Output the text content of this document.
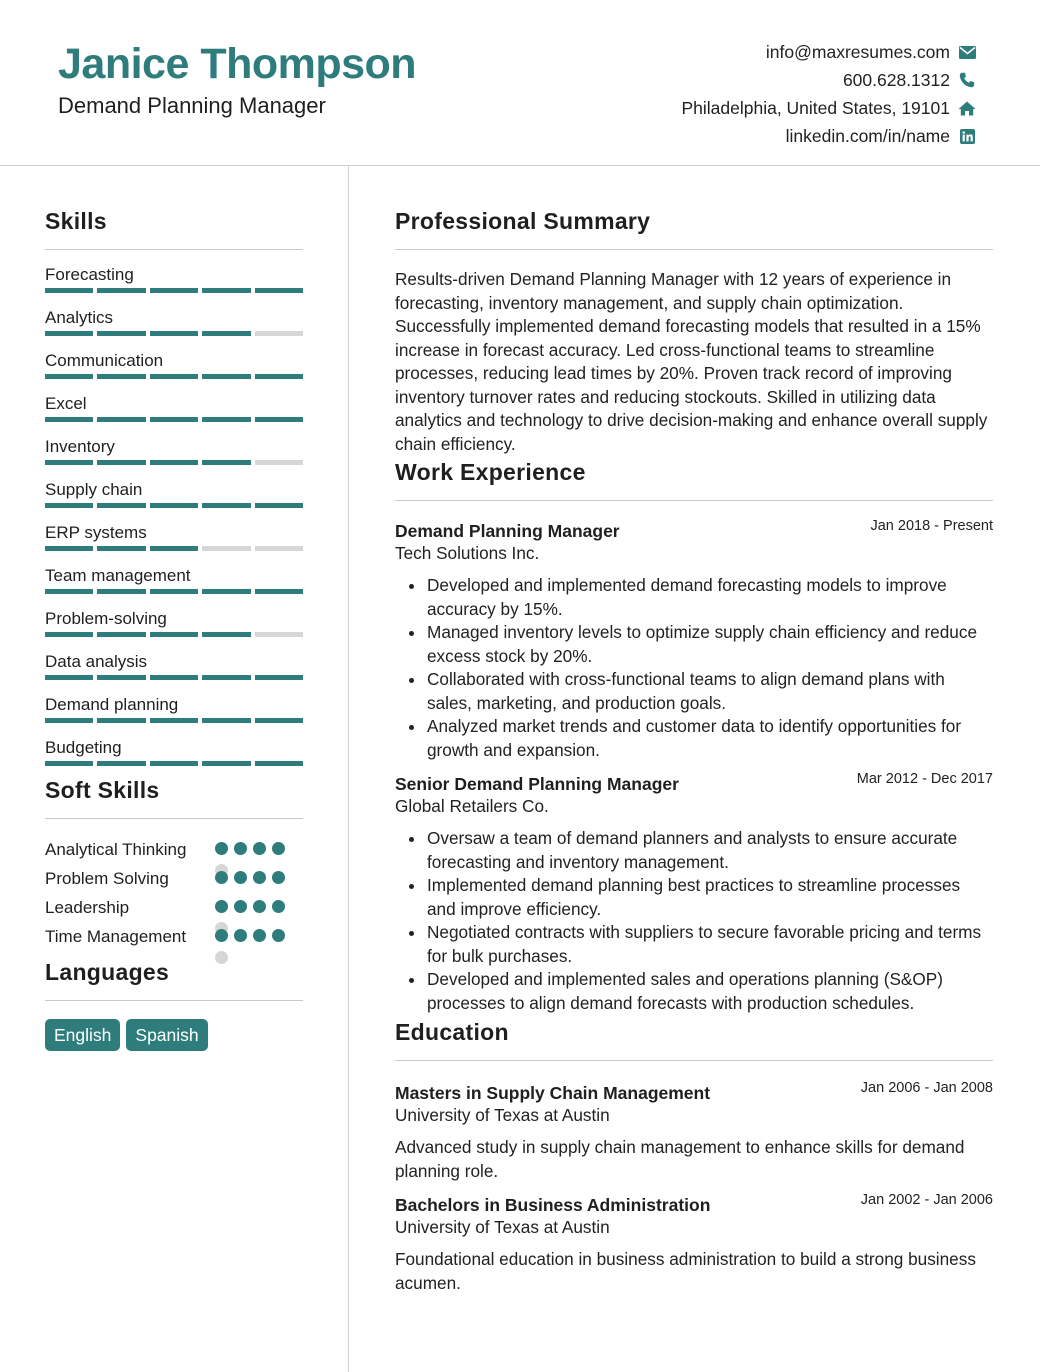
Janice Thompson
Demand Planning Manager
info@maxresumes.com
600.628.1312
Philadelphia, United States, 19101
linkedin.com/in/name
Skills
Forecasting
Analytics
Communication
Excel
Inventory
Supply chain
ERP systems
Team management
Problem-solving
Data analysis
Demand planning
Budgeting
Soft Skills
Analytical Thinking
Problem Solving
Leadership
Time Management
Languages
English	Spanish
Professional Summary

Results-driven Demand Planning Manager with 12 years of experience in forecasting, inventory management, and supply chain optimization. Successfully implemented demand forecasting models that resulted in a 15% increase in forecast accuracy. Led cross-functional teams to streamline processes, reducing lead times by 20%. Proven track record of improving inventory turnover rates and reducing stockouts. Skilled in utilizing data analytics and technology to drive decision-making and enhance overall supply chain efficiency.

Work Experience
Demand Planning Manager	Jan 2018 - Present
Tech Solutions Inc.
Developed and implemented demand forecasting models to improve accuracy by 15%.
Managed inventory levels to optimize supply chain efficiency and reduce excess stock by 20%.
Collaborated with cross-functional teams to align demand plans with sales, marketing, and production goals.
Analyzed market trends and customer data to identify opportunities for growth and expansion.
Senior Demand Planning Manager	Mar 2012 - Dec 2017
Global Retailers Co.
Oversaw a team of demand planners and analysts to ensure accurate forecasting and inventory management.
Implemented demand planning best practices to streamline processes and improve efficiency.
Negotiated contracts with suppliers to secure favorable pricing and terms for bulk purchases.
Developed and implemented sales and operations planning (S&OP) processes to align demand forecasts with production schedules.
Education
Masters in Supply Chain Management	Jan 2006 - Jan 2008
University of Texas at Austin

Advanced study in supply chain management to enhance skills for demand planning role.

Bachelors in Business Administration	Jan 2002 - Jan 2006
University of Texas at Austin

Foundational education in business administration to build a strong business acumen.
